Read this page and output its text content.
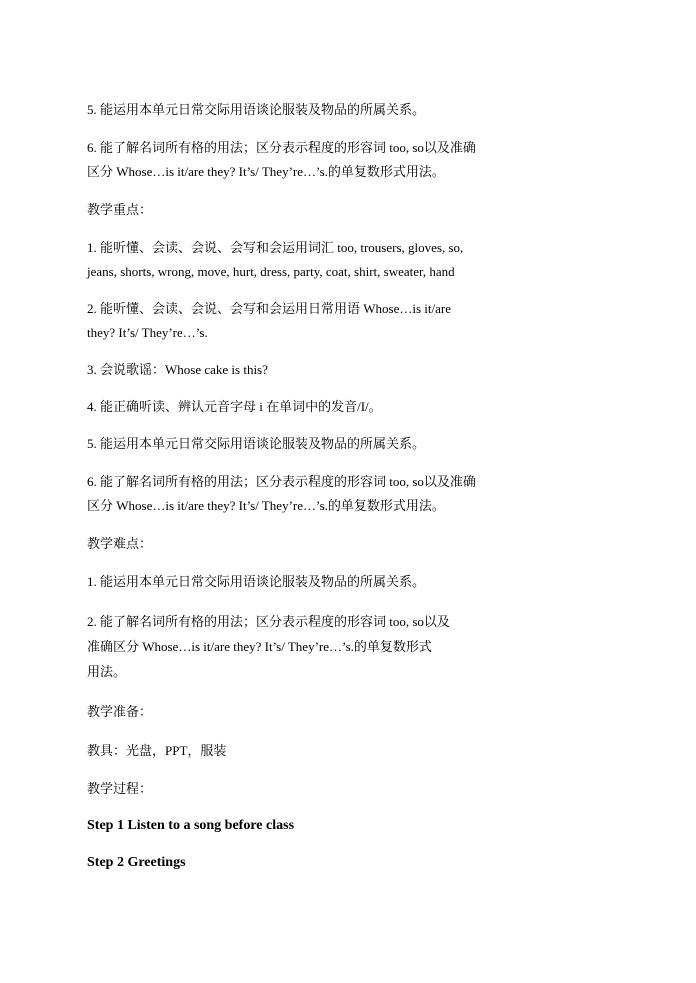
5. 能运用本单元日常交际用语谈论服装及物品的所属关系。
6. 能了解名词所有格的用法；区分表示程度的形容词 too, so以及准确
区分 Whose…is it/are they? It’s/ They’re…’s.的单复数形式用法。
教学重点：
1. 能听懂、会读、会说、会写和会运用词汇 too, trousers, gloves, so,
jeans, shorts, wrong, move, hurt, dress, party, coat, shirt, sweater, hand
2. 能听懂、会读、会说、会写和会运用日常用语 Whose…is it/are
they? It’s/ They’re…’s.
3. 会说歌谣：Whose cake is this?
4. 能正确听读、辨认元音字母 i 在单词中的发音/I/。
5. 能运用本单元日常交际用语谈论服装及物品的所属关系。
6. 能了解名词所有格的用法；区分表示程度的形容词 too, so以及准确
区分 Whose…is it/are they? It’s/ They’re…’s.的单复数形式用法。
教学难点：
1. 能运用本单元日常交际用语谈论服装及物品的所属关系。
2. 能了解名词所有格的用法；区分表示程度的形容词 too, so以及
准确区分 Whose…is it/are they? It’s/ They’re…’s.的单复数形式
用法。
教学准备：
教具：光盘，PPT，服装
教学过程：
Step 1 Listen to a song before class
Step 2 Greetings
